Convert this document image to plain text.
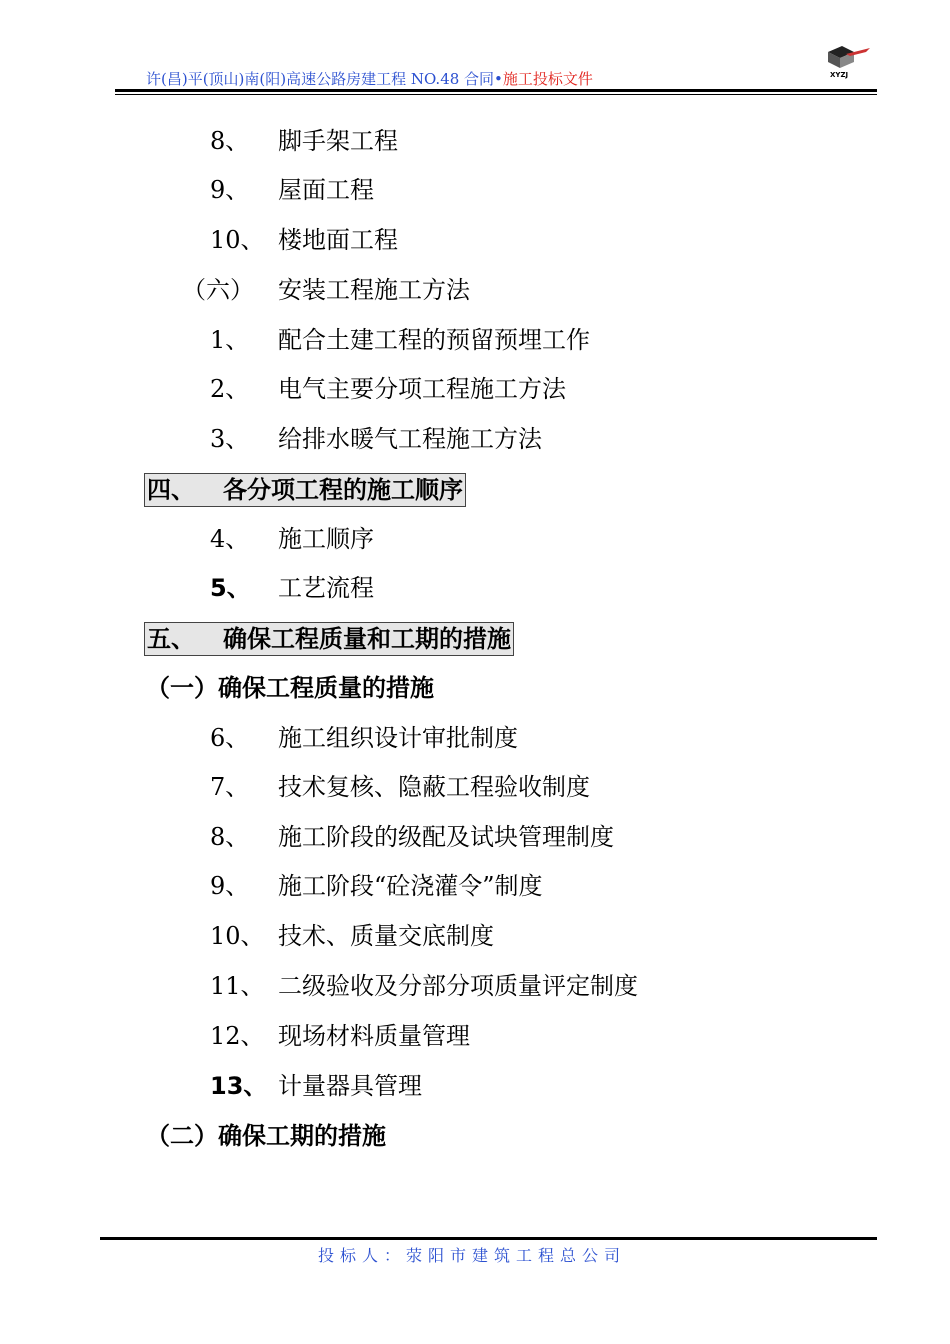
许(昌)平(顶山)南(阳)高速公路房建工程 NO.48 合同•施工投标文件	XYZJ
8、 脚手架工程
9、 屋面工程
10、 楼地面工程
（六） 安装工程施工方法
1、 配合土建工程的预留预埋工作
2、 电气主要分项工程施工方法
3、 给排水暖气工程施工方法
四、 各分项工程的施工顺序
4、 施工顺序
5、 工艺流程
五、 确保工程质量和工期的措施
（一）确保工程质量的措施
6、 施工组织设计审批制度
7、 技术复核、隐蔽工程验收制度
8、 施工阶段的级配及试块管理制度
9、 施工阶段“砼浇灌令”制度
10、 技术、质量交底制度
11、 二级验收及分部分项质量评定制度
12、 现场材料质量管理
13、 计量器具管理
（二）确保工期的措施
投标人：荥阳市建筑工程总公司
